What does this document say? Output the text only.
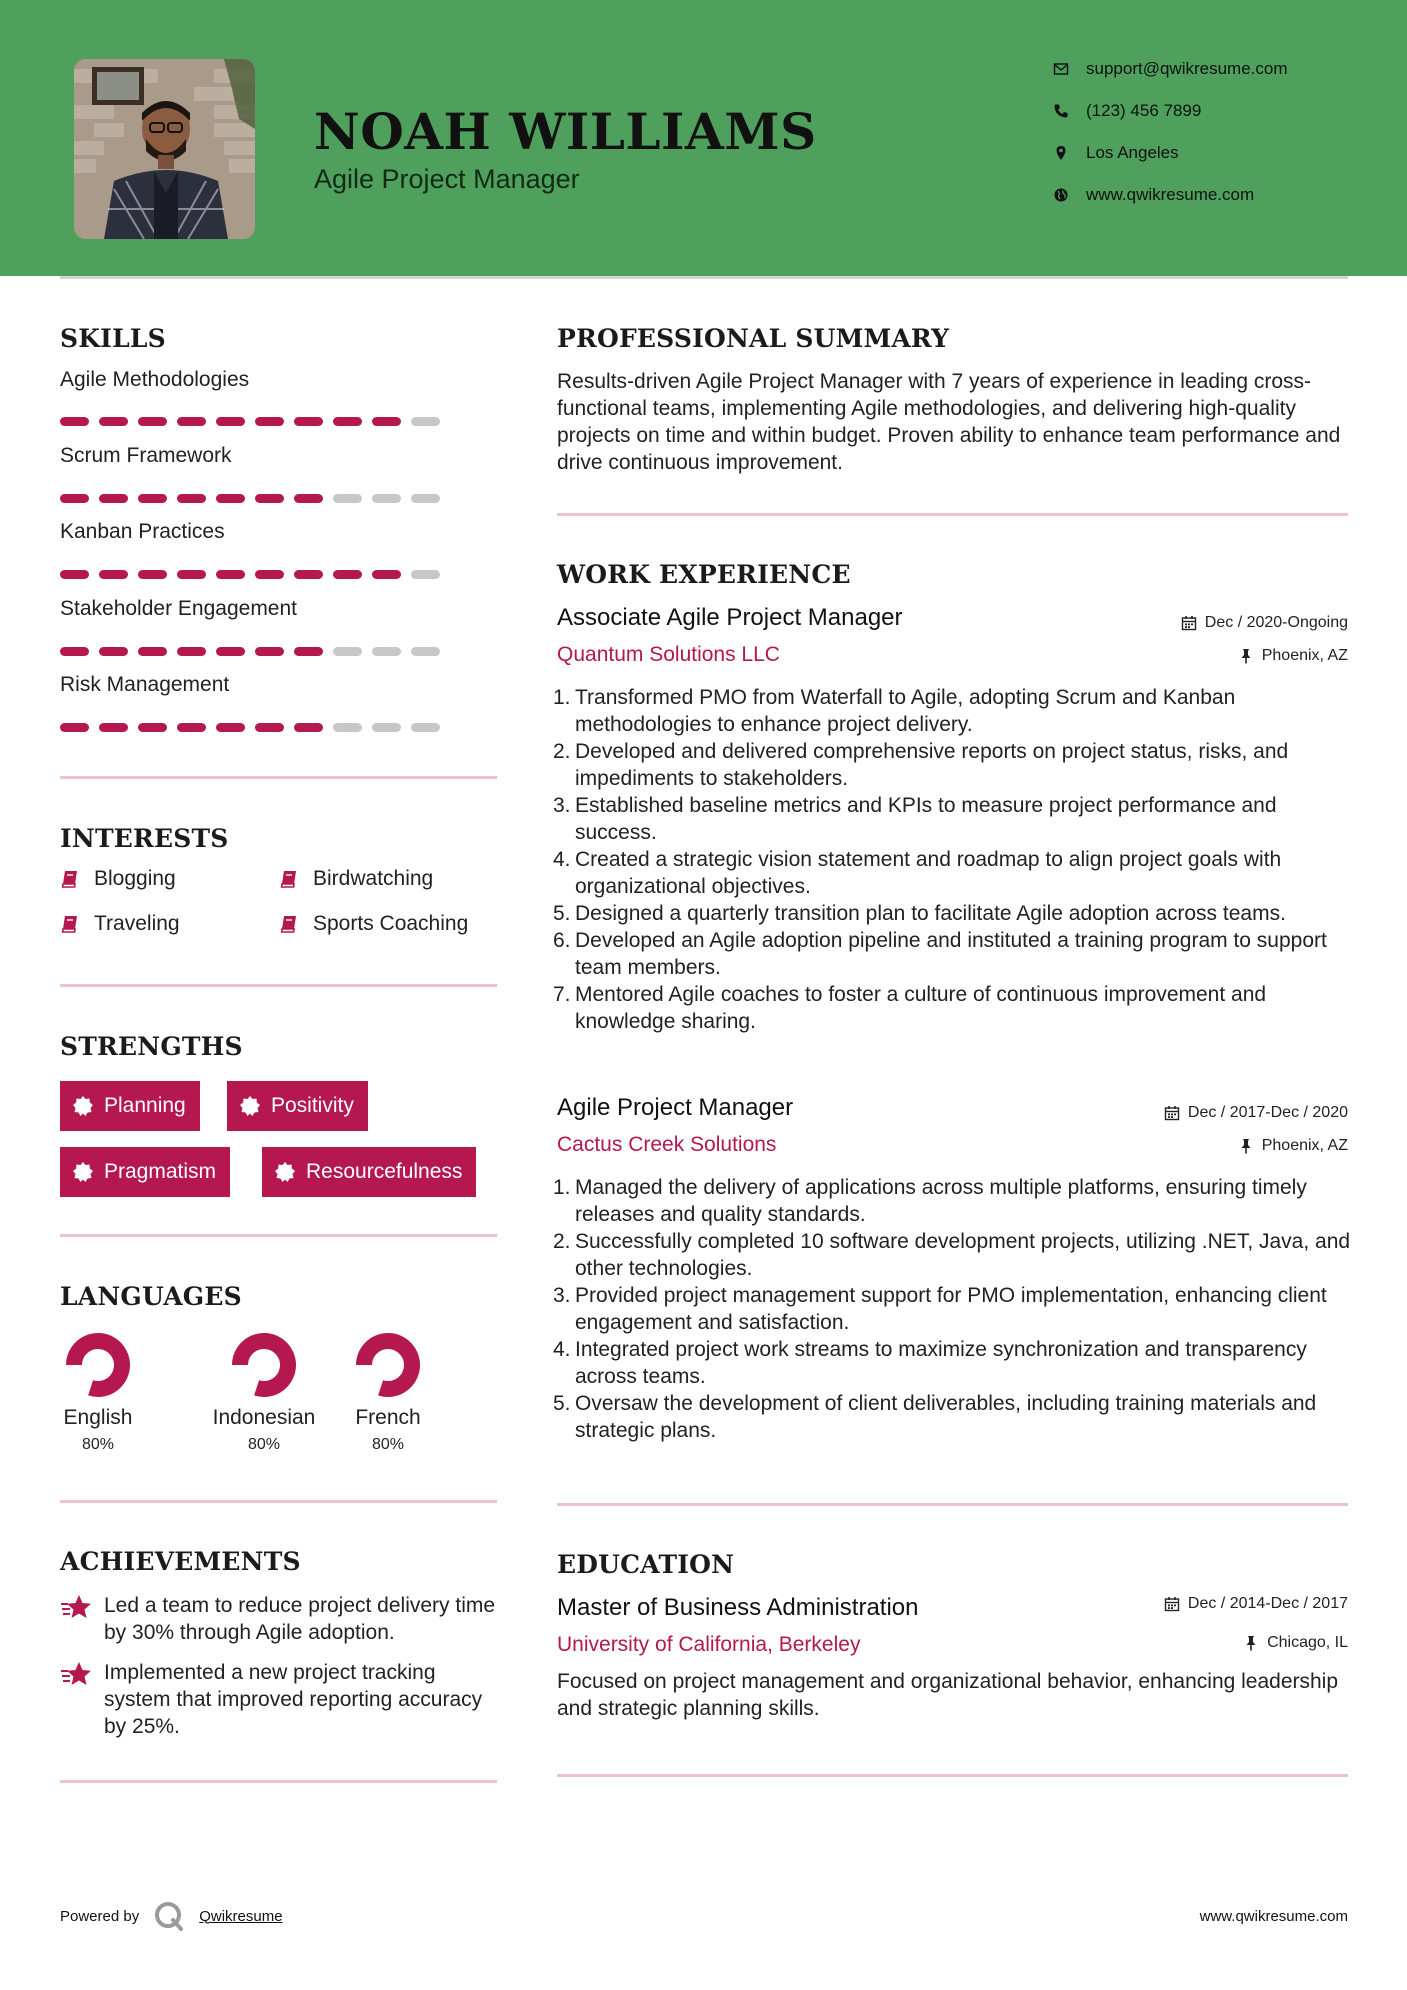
NOAH WILLIAMS
Agile Project Manager
support@qwikresume.com
(123) 456 7899
Los Angeles
www.qwikresume.com
SKILLS
Agile Methodologies
Scrum Framework
Kanban Practices
Stakeholder Engagement
Risk Management
INTERESTS
Blogging	Birdwatching
Traveling	Sports Coaching
STRENGTHS
Planning	Positivity
Pragmatism	Resourcefulness
LANGUAGES
English
80%
Indonesian
80%
French
80%
ACHIEVEMENTS
Led a team to reduce project delivery time by 30% through Agile adoption.
Implemented a new project tracking system that improved reporting accuracy by 25%.
PROFESSIONAL SUMMARY
Results-driven Agile Project Manager with 7 years of experience in leading cross-functional teams, implementing Agile methodologies, and delivering high-quality projects on time and within budget. Proven ability to enhance team performance and drive continuous improvement.
WORK EXPERIENCE
Associate Agile Project Manager	Dec / 2020-Ongoing
Quantum Solutions LLC	Phoenix, AZ
1. Transformed PMO from Waterfall to Agile, adopting Scrum and Kanban methodologies to enhance project delivery.
2. Developed and delivered comprehensive reports on project status, risks, and impediments to stakeholders.
3. Established baseline metrics and KPIs to measure project performance and success.
4. Created a strategic vision statement and roadmap to align project goals with organizational objectives.
5. Designed a quarterly transition plan to facilitate Agile adoption across teams.
6. Developed an Agile adoption pipeline and instituted a training program to support team members.
7. Mentored Agile coaches to foster a culture of continuous improvement and knowledge sharing.
Agile Project Manager	Dec / 2017-Dec / 2020
Cactus Creek Solutions	Phoenix, AZ
1. Managed the delivery of applications across multiple platforms, ensuring timely releases and quality standards.
2. Successfully completed 10 software development projects, utilizing .NET, Java, and other technologies.
3. Provided project management support for PMO implementation, enhancing client engagement and satisfaction.
4. Integrated project work streams to maximize synchronization and transparency across teams.
5. Oversaw the development of client deliverables, including training materials and strategic plans.
EDUCATION
Master of Business Administration	Dec / 2014-Dec / 2017
University of California, Berkeley	Chicago, IL
Focused on project management and organizational behavior, enhancing leadership and strategic planning skills.
Powered by	Qwikresume	www.qwikresume.com
